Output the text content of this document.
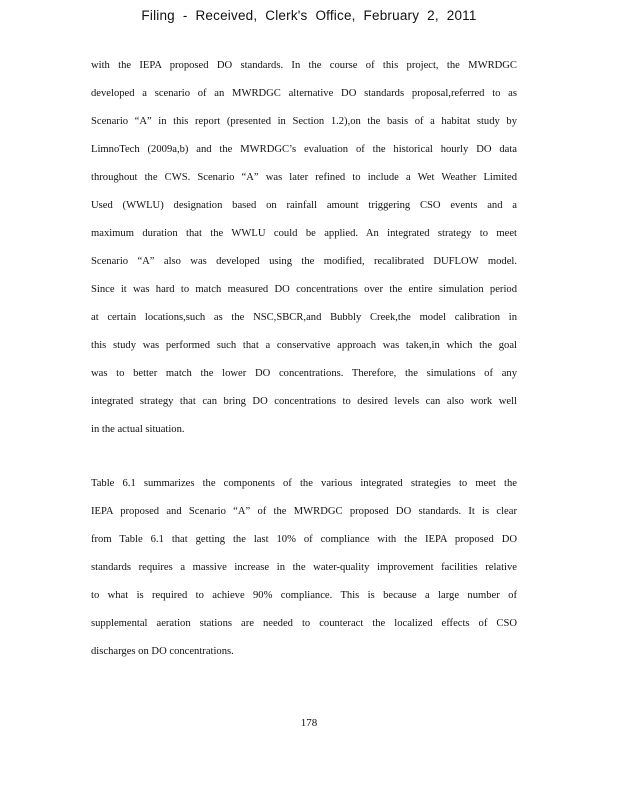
Filing - Received, Clerk's Office, February 2, 2011
with the IEPA proposed DO standards. In the course of this project, the MWRDGC
developed a scenario of an MWRDGC alternative DO standards proposal,referred to as
Scenario “A” in this report (presented in Section 1.2),on the basis of a habitat study by
LimnoTech (2009a,b) and the MWRDGC’s evaluation of the historical hourly DO data
throughout the CWS. Scenario “A” was later refined to include a Wet Weather Limited
Used (WWLU) designation based on rainfall amount triggering CSO events and a
maximum duration that the WWLU could be applied. An integrated strategy to meet
Scenario “A” also was developed using the modified, recalibrated DUFLOW model.
Since it was hard to match measured DO concentrations over the entire simulation period
at certain locations,such as the NSC,SBCR,and Bubbly Creek,the model calibration in
this study was performed such that a conservative approach was taken,in which the goal
was to better match the lower DO concentrations. Therefore, the simulations of any
integrated strategy that can bring DO concentrations to desired levels can also work well
in the actual situation.
Table 6.1 summarizes the components of the various integrated strategies to meet the
IEPA proposed and Scenario “A” of the MWRDGC proposed DO standards. It is clear
from Table 6.1 that getting the last 10% of compliance with the IEPA proposed DO
standards requires a massive increase in the water-quality improvement facilities relative
to what is required to achieve 90% compliance. This is because a large number of
supplemental aeration stations are needed to counteract the localized effects of CSO
discharges on DO concentrations.
178
